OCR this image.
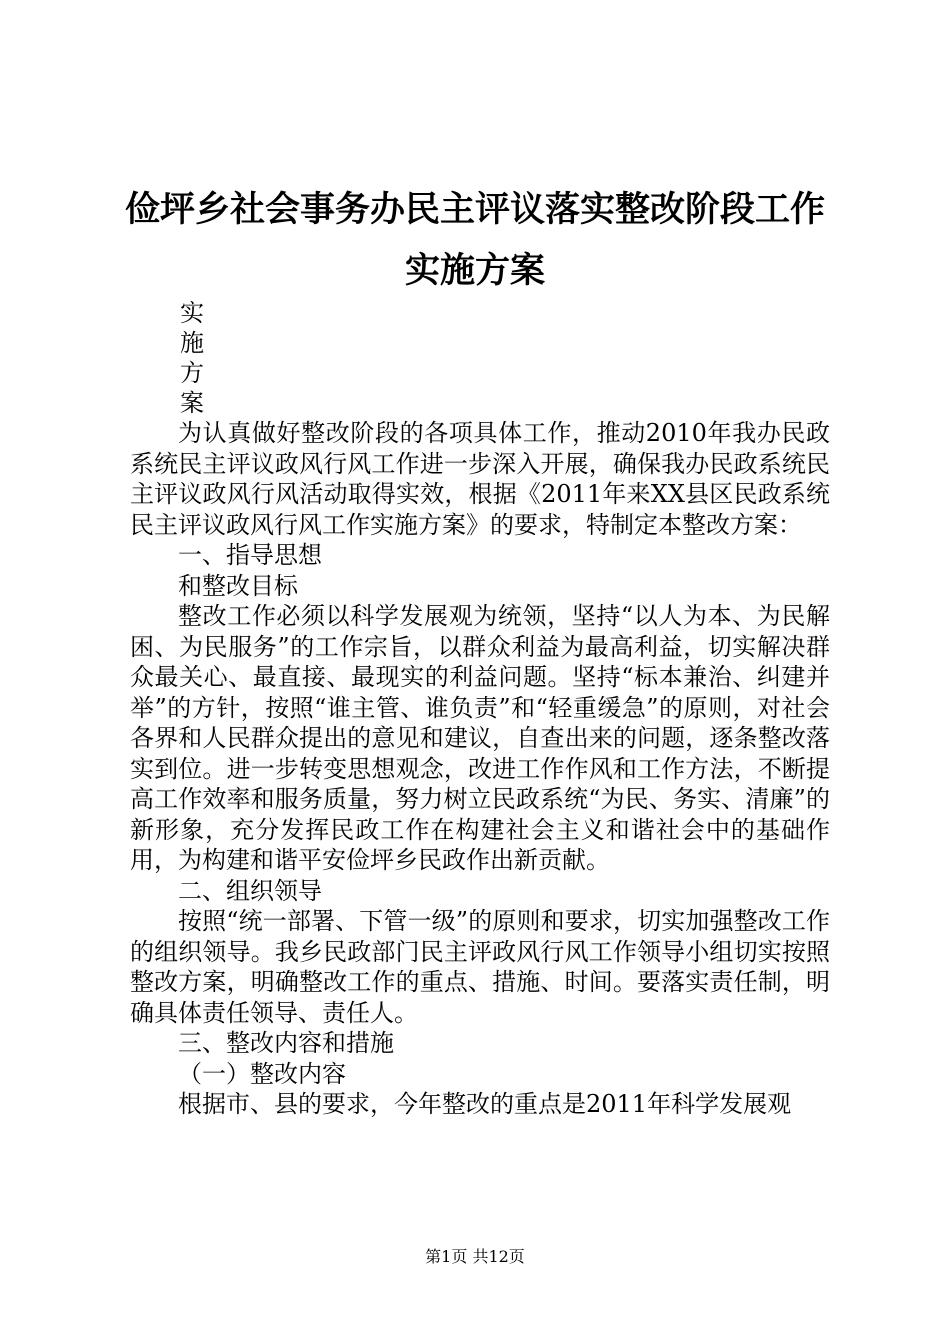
俭坪乡社会事务办民主评议落实整改阶段工作
实施方案
实
施
方
案

为认真做好整改阶段的各项具体工作，推动2010年我办民政系统民主评议政风行风工作进一步深入开展，确保我办民政系统民主评议政风行风活动取得实效，根据《2011年来XX县区民政系统民主评议政风行风工作实施方案》的要求，特制定本整改方案：

一、指导思想

和整改目标

整改工作必须以科学发展观为统领，坚持“以人为本、为民解困、为民服务”的工作宗旨，以群众利益为最高利益，切实解决群众最关心、最直接、最现实的利益问题。坚持“标本兼治、纠建并举”的方针，按照“谁主管、谁负责”和“轻重缓急”的原则，对社会各界和人民群众提出的意见和建议，自查出来的问题，逐条整改落实到位。进一步转变思想观念，改进工作作风和工作方法，不断提高工作效率和服务质量，努力树立民政系统“为民、务实、清廉”的新形象，充分发挥民政工作在构建社会主义和谐社会中的基础作用，为构建和谐平安俭坪乡民政作出新贡献。

二、组织领导

按照“统一部署、下管一级”的原则和要求，切实加强整改工作的组织领导。我乡民政部门民主评政风行风工作领导小组切实按照整改方案，明确整改工作的重点、措施、时间。要落实责任制，明确具体责任领导、责任人。

三、整改内容和措施

（一）整改内容

根据市、县的要求，今年整改的重点是2011年科学发展观

第1页 共12页
